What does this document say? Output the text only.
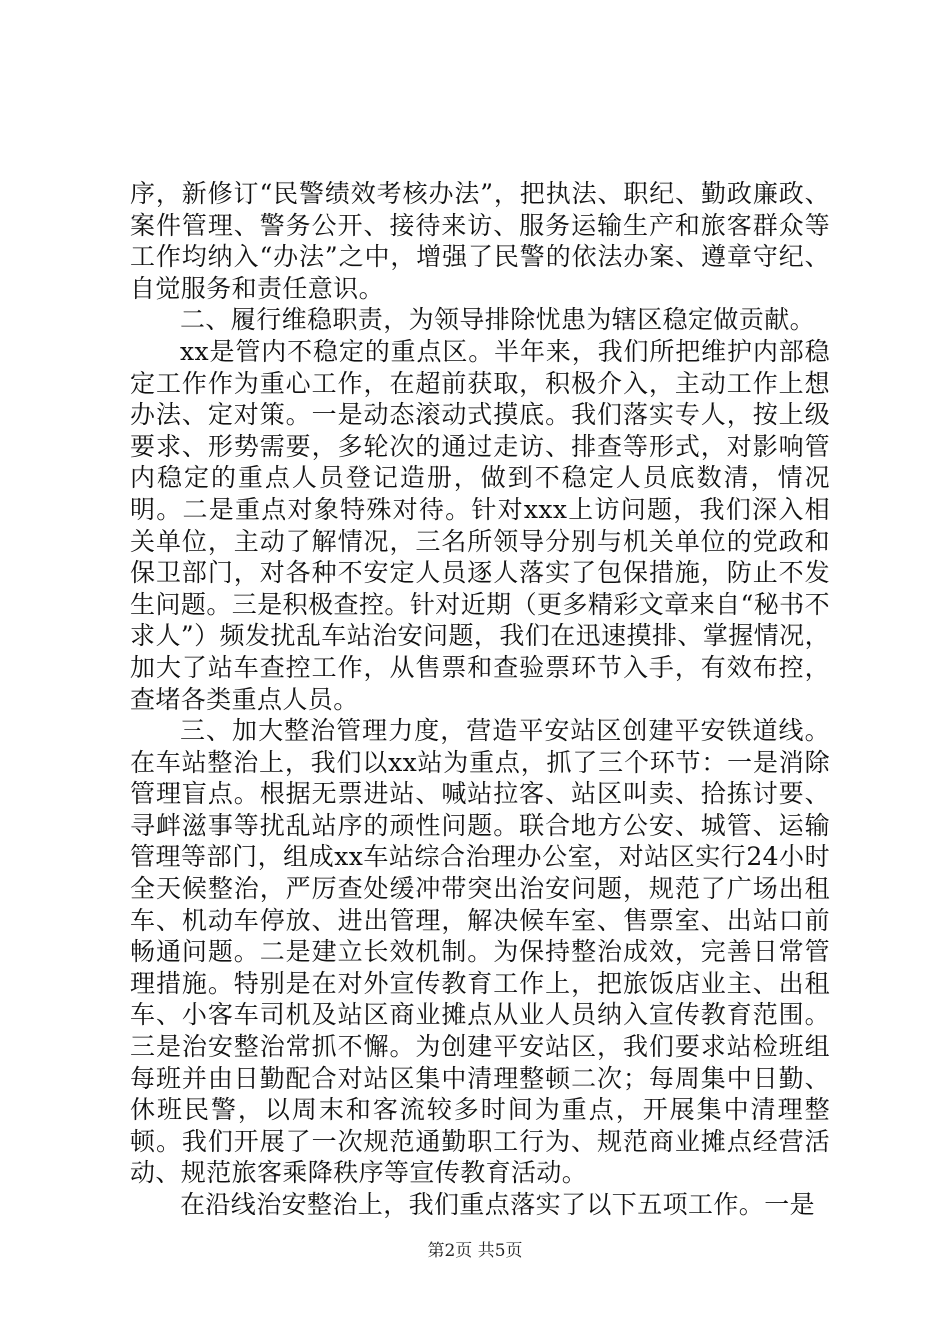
序，新修订“民警绩效考核办法”，把执法、职纪、勤政廉政、案件管理、警务公开、接待来访、服务运输生产和旅客群众等工作均纳入“办法”之中，增强了民警的依法办案、遵章守纪、自觉服务和责任意识。

二、履行维稳职责，为领导排除忧患为辖区稳定做贡献。

xx是管内不稳定的重点区。半年来，我们所把维护内部稳定工作作为重心工作，在超前获取，积极介入，主动工作上想办法、定对策。一是动态滚动式摸底。我们落实专人，按上级要求、形势需要，多轮次的通过走访、排查等形式，对影响管内稳定的重点人员登记造册，做到不稳定人员底数清，情况明。二是重点对象特殊对待。针对xxx上访问题，我们深入相关单位，主动了解情况，三名所领导分别与机关单位的党政和保卫部门，对各种不安定人员逐人落实了包保措施，防止不发生问题。三是积极查控。针对近期（更多精彩文章来自“秘书不求人”）频发扰乱车站治安问题，我们在迅速摸排、掌握情况，加大了站车查控工作，从售票和查验票环节入手，有效布控，查堵各类重点人员。

三、加大整治管理力度，营造平安站区创建平安铁道线。在车站整治上，我们以xx站为重点，抓了三个环节：一是消除管理盲点。根据无票进站、喊站拉客、站区叫卖、拾拣讨要、寻衅滋事等扰乱站序的顽性问题。联合地方公安、城管、运输管理等部门，组成xx车站综合治理办公室，对站区实行24小时全天候整治，严厉查处缓冲带突出治安问题，规范了广场出租车、机动车停放、进出管理，解决候车室、售票室、出站口前畅通问题。二是建立长效机制。为保持整治成效，完善日常管理措施。特别是在对外宣传教育工作上，把旅饭店业主、出租车、小客车司机及站区商业摊点从业人员纳入宣传教育范围。三是治安整治常抓不懈。为创建平安站区，我们要求站检班组每班并由日勤配合对站区集中清理整顿二次；每周集中日勤、休班民警，以周末和客流较多时间为重点，开展集中清理整顿。我们开展了一次规范通勤职工行为、规范商业摊点经营活动、规范旅客乘降秩序等宣传教育活动。

在沿线治安整治上，我们重点落实了以下五项工作。一是

第2页 共5页
